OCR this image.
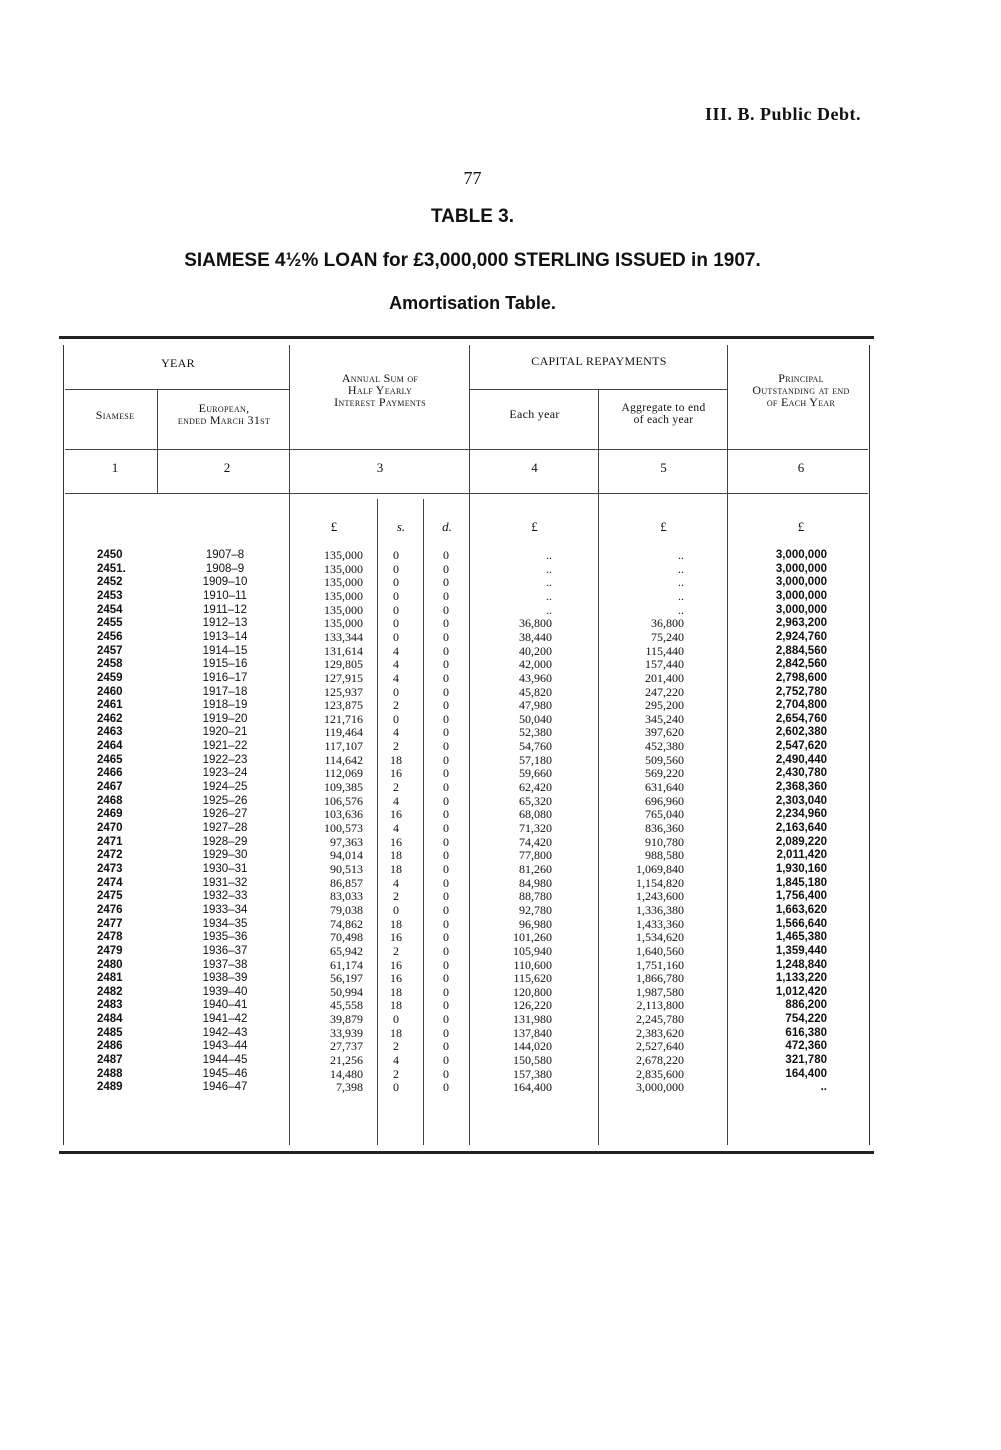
III. B. Public Debt.
77
TABLE 3.
SIAMESE 4½% LOAN for £3,000,000 STERLING ISSUED in 1907.
Amortisation Table.
YEAR
Siamese	European,
ended March 31st
Annual Sum of
Half Yearly
Interest Payments
CAPITAL REPAYMENTS
Each year	Aggregate to end
of each year
Principal
Outstanding at end
of Each Year
1	2	3	4	5	6
£	s.	d.	£	£	£
2450	1907–8	135,000	0	0	..	..	3,000,000
2451.	1908–9	135,000	0	0	..	..	3,000,000
2452	1909–10	135,000	0	0	..	..	3,000,000
2453	1910–11	135,000	0	0	..	..	3,000,000
2454	1911–12	135,000	0	0	..	..	3,000,000
2455	1912–13	135,000	0	0	36,800	36,800	2,963,200
2456	1913–14	133,344	0	0	38,440	75,240	2,924,760
2457	1914–15	131,614	4	0	40,200	115,440	2,884,560
2458	1915–16	129,805	4	0	42,000	157,440	2,842,560
2459	1916–17	127,915	4	0	43,960	201,400	2,798,600
2460	1917–18	125,937	0	0	45,820	247,220	2,752,780
2461	1918–19	123,875	2	0	47,980	295,200	2,704,800
2462	1919–20	121,716	0	0	50,040	345,240	2,654,760
2463	1920–21	119,464	4	0	52,380	397,620	2,602,380
2464	1921–22	117,107	2	0	54,760	452,380	2,547,620
2465	1922–23	114,642	18	0	57,180	509,560	2,490,440
2466	1923–24	112,069	16	0	59,660	569,220	2,430,780
2467	1924–25	109,385	2	0	62,420	631,640	2,368,360
2468	1925–26	106,576	4	0	65,320	696,960	2,303,040
2469	1926–27	103,636	16	0	68,080	765,040	2,234,960
2470	1927–28	100,573	4	0	71,320	836,360	2,163,640
2471	1928–29	97,363	16	0	74,420	910,780	2,089,220
2472	1929–30	94,014	18	0	77,800	988,580	2,011,420
2473	1930–31	90,513	18	0	81,260	1,069,840	1,930,160
2474	1931–32	86,857	4	0	84,980	1,154,820	1,845,180
2475	1932–33	83,033	2	0	88,780	1,243,600	1,756,400
2476	1933–34	79,038	0	0	92,780	1,336,380	1,663,620
2477	1934–35	74,862	18	0	96,980	1,433,360	1,566,640
2478	1935–36	70,498	16	0	101,260	1,534,620	1,465,380
2479	1936–37	65,942	2	0	105,940	1,640,560	1,359,440
2480	1937–38	61,174	16	0	110,600	1,751,160	1,248,840
2481	1938–39	56,197	16	0	115,620	1,866,780	1,133,220
2482	1939–40	50,994	18	0	120,800	1,987,580	1,012,420
2483	1940–41	45,558	18	0	126,220	2,113,800	886,200
2484	1941–42	39,879	0	0	131,980	2,245,780	754,220
2485	1942–43	33,939	18	0	137,840	2,383,620	616,380
2486	1943–44	27,737	2	0	144,020	2,527,640	472,360
2487	1944–45	21,256	4	0	150,580	2,678,220	321,780
2488	1945–46	14,480	2	0	157,380	2,835,600	164,400
2489	1946–47	7,398	0	0	164,400	3,000,000	..
